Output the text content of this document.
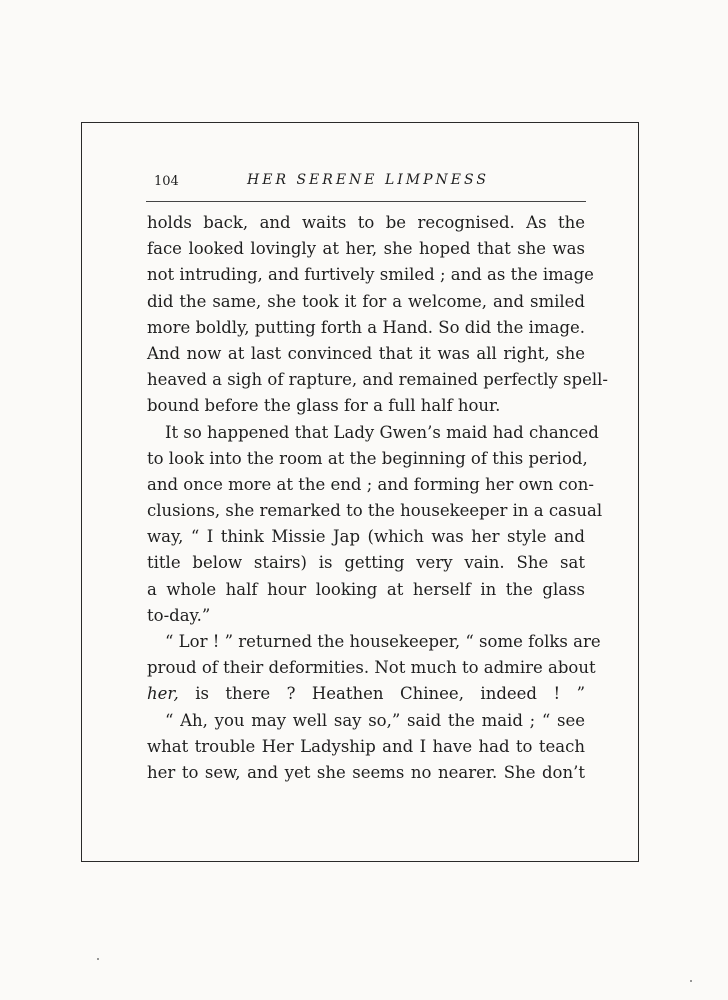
104	HER SERENE LIMPNESS
holds back, and waits to be recognised. As the
face looked lovingly at her, she hoped that she was
not intruding, and furtively smiled ; and as the image
did the same, she took it for a welcome, and smiled
more boldly, putting forth a Hand. So did the image.
And now at last convinced that it was all right, she
heaved a sigh of rapture, and remained perfectly spell-
bound before the glass for a full half hour.
It so happened that Lady Gwen’s maid had chanced
to look into the room at the beginning of this period,
and once more at the end ; and forming her own con-
clusions, she remarked to the housekeeper in a casual
way, “ I think Missie Jap (which was her style and
title below stairs) is getting very vain. She sat
a whole half hour looking at herself in the glass
to-day.”
“ Lor ! ” returned the housekeeper, “ some folks are
proud of their deformities. Not much to admire about
her, is there ? Heathen Chinee, indeed ! ”
“ Ah, you may well say so,” said the maid ; “ see
what trouble Her Ladyship and I have had to teach
her to sew, and yet she seems no nearer. She don’t
